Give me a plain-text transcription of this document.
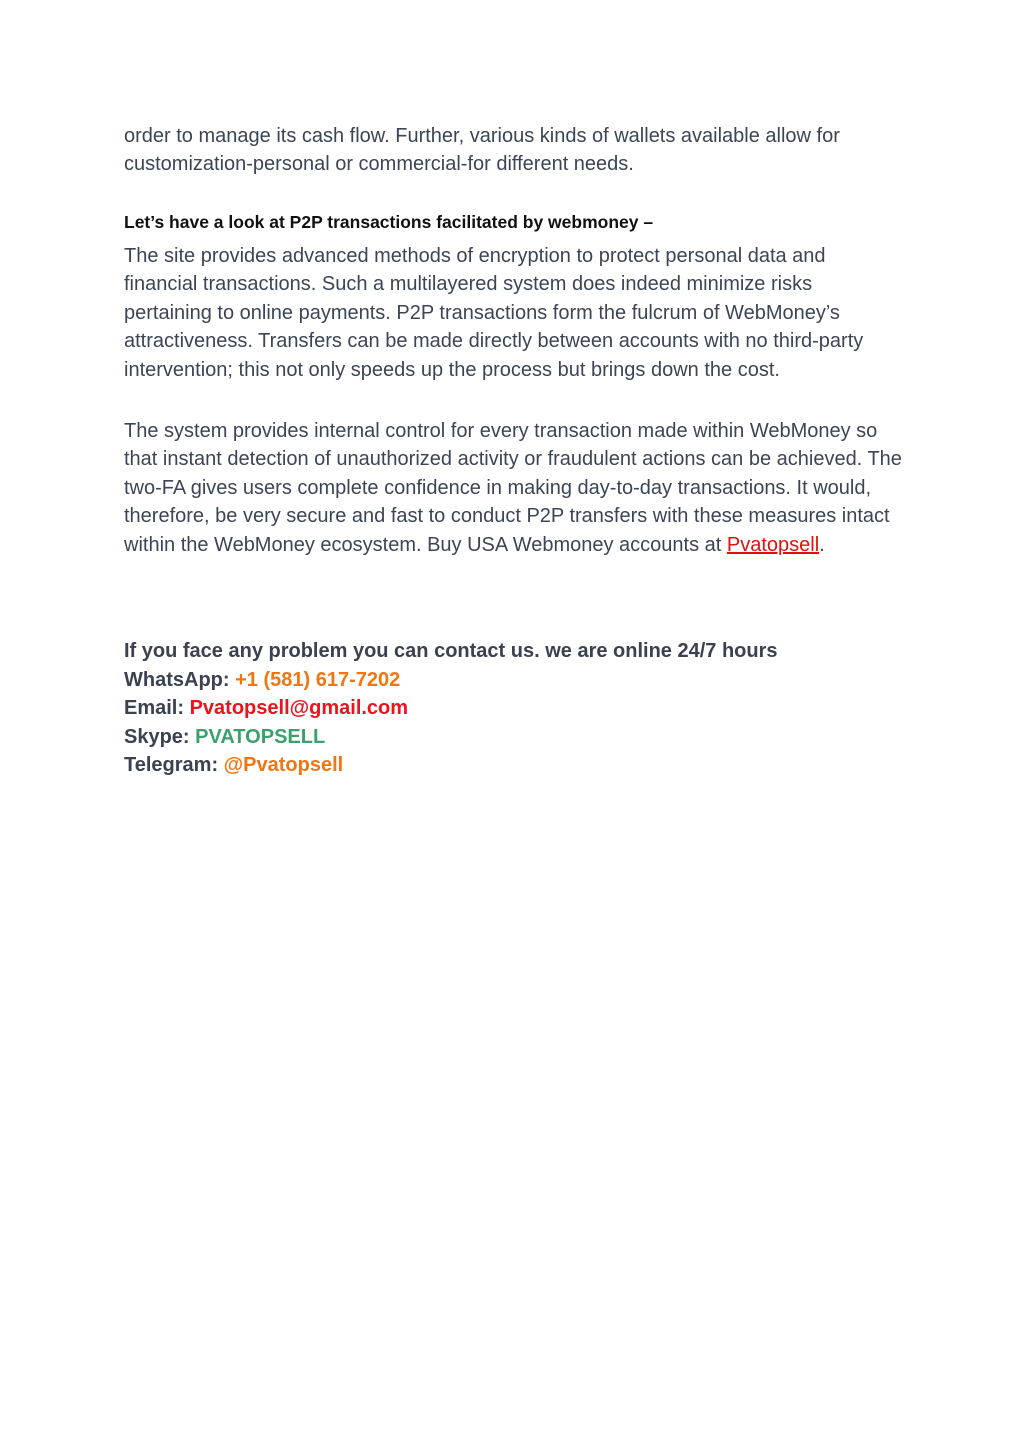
order to manage its cash flow. Further, various kinds of wallets available allow for customization-personal or commercial-for different needs.

Let’s have a look at P2P transactions facilitated by webmoney –

The site provides advanced methods of encryption to protect personal data and financial transactions. Such a multilayered system does indeed minimize risks pertaining to online payments. P2P transactions form the fulcrum of WebMoney’s attractiveness. Transfers can be made directly between accounts with no third-party intervention; this not only speeds up the process but brings down the cost.

The system provides internal control for every transaction made within WebMoney so that instant detection of unauthorized activity or fraudulent actions can be achieved. The two-FA gives users complete confidence in making day-to-day transactions. It would, therefore, be very secure and fast to conduct P2P transfers with these measures intact within the WebMoney ecosystem. Buy USA Webmoney accounts at Pvatopsell.

If you face any problem you can contact us. we are online 24/7 hours
WhatsApp: +1 (581) 617-7202
Email: Pvatopsell@gmail.com
Skype: PVATOPSELL
Telegram: @Pvatopsell
